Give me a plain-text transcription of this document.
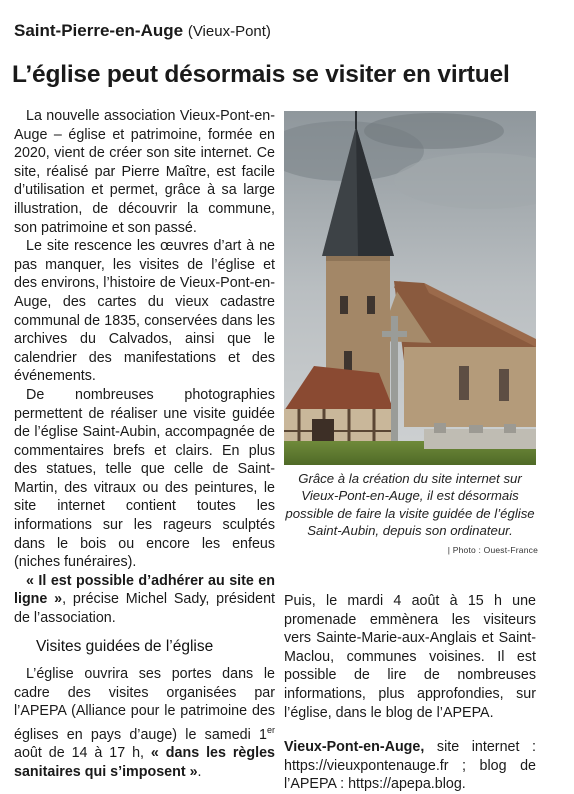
Saint-Pierre-en-Auge (Vieux-Pont)
L’église peut désormais se visiter en virtuel

La nouvelle association Vieux-Pont-en-Auge – église et patrimoine, formée en 2020, vient de créer son site internet. Ce site, réalisé par Pierre Maître, est facile d’utilisation et permet, grâce à sa large illustration, de découvrir la commune, son patrimoine et son passé.

Le site rescence les œuvres d’art à ne pas manquer, les visites de l’église et des environs, l’histoire de Vieux-Pont-en-Auge, des cartes du vieux cadastre communal de 1835, conservées dans les archives du Calvados, ainsi que le calendrier des manifestations et des événements.

De nombreuses photographies permettent de réaliser une visite guidée de l’église Saint-Aubin, accompagnée de commentaires brefs et clairs. En plus des statues, telle que celle de Saint-Martin, des vitraux ou des peintures, le site internet contient toutes les informations sur les rageurs sculptés dans le bois ou encore les enfeus (niches funéraires).

« Il est possible d’adhérer au site en ligne », précise Michel Sady, président de l’association.

Visites guidées de l’église

L’église ouvrira ses portes dans le cadre des visites organisées par l’APEPA (Alliance pour le patrimoine des églises en pays d’auge) le samedi 1er août de 14 à 17 h, « dans les règles sanitaires qui s’imposent ».

Grâce à la création du site internet sur Vieux-Pont-en-Auge, il est désormais possible de faire la visite guidée de l’église Saint-Aubin, depuis son ordinateur.
| Photo : Ouest-France

Puis, le mardi 4 août à 15 h une promenade emmènera les visiteurs vers Sainte-Marie-aux-Anglais et Saint-Maclou, communes voisines. Il est possible de lire de nombreuses informations, plus approfondies, sur l’église, dans le blog de l’APEPA.

Vieux-Pont-en-Auge, site internet : https://vieuxpontenauge.fr ; blog de l’APEPA : https://apepa.blog.
